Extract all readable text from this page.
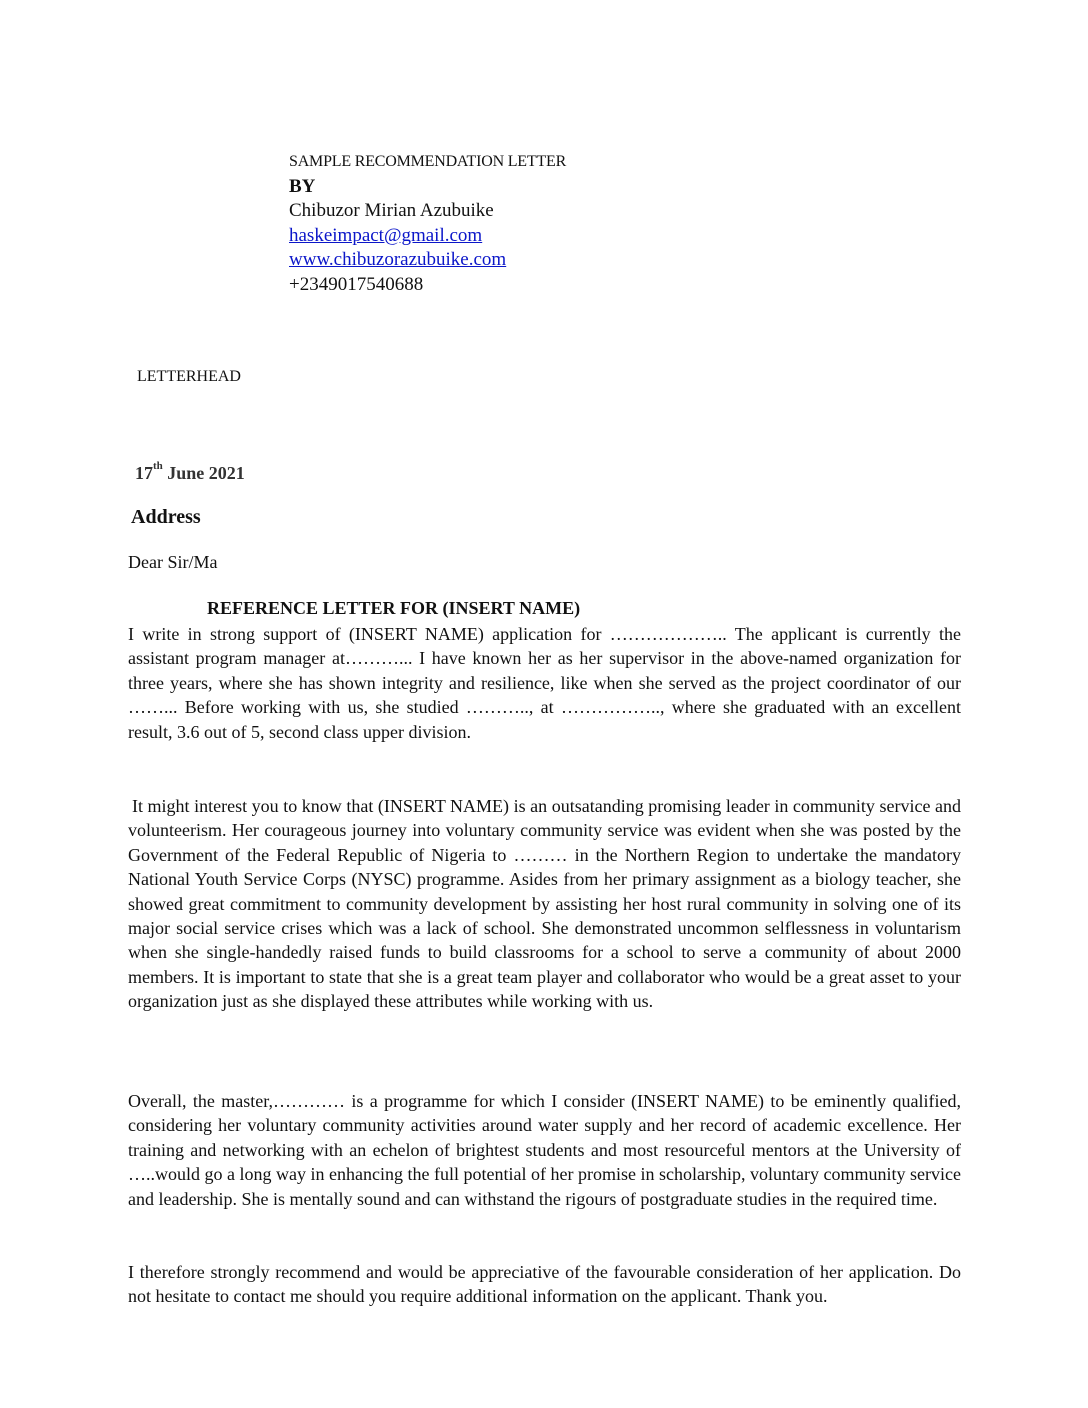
SAMPLE RECOMMENDATION LETTER
BY
Chibuzor Mirian Azubuike
haskeimpact@gmail.com
www.chibuzorazubuike.com
+2349017540688
LETTERHEAD
17th June 2021
Address
Dear Sir/Ma
REFERENCE LETTER FOR (INSERT NAME)

I write in strong support of (INSERT NAME) application for ……………….. The applicant is currently the assistant program manager at………... I have known her as her supervisor in the above-named organization for three years, where she has shown integrity and resilience, like when she served as the project coordinator of our ……... Before working with us, she studied ……….., at …………….., where she graduated with an excellent result, 3.6 out of 5, second class upper division.

It might interest you to know that (INSERT NAME) is an outsatanding promising leader in community service and volunteerism. Her courageous journey into voluntary community service was evident when she was posted by the Government of the Federal Republic of Nigeria to ……… in the Northern Region to undertake the mandatory National Youth Service Corps (NYSC) programme. Asides from her primary assignment as a biology teacher, she showed great commitment to community development by assisting her host rural community in solving one of its major social service crises which was a lack of school. She demonstrated uncommon selflessness in voluntarism when she single-handedly raised funds to build classrooms for a school to serve a community of about 2000 members. It is important to state that she is a great team player and collaborator who would be a great asset to your organization just as she displayed these attributes while working with us.

Overall, the master,………… is a programme for which I consider (INSERT NAME) to be eminently qualified, considering her voluntary community activities around water supply and her record of academic excellence. Her training and networking with an echelon of brightest students and most resourceful mentors at the University of …..would go a long way in enhancing the full potential of her promise in scholarship, voluntary community service and leadership. She is mentally sound and can withstand the rigours of postgraduate studies in the required time.

I therefore strongly recommend and would be appreciative of the favourable consideration of her application. Do not hesitate to contact me should you require additional information on the applicant. Thank you.
